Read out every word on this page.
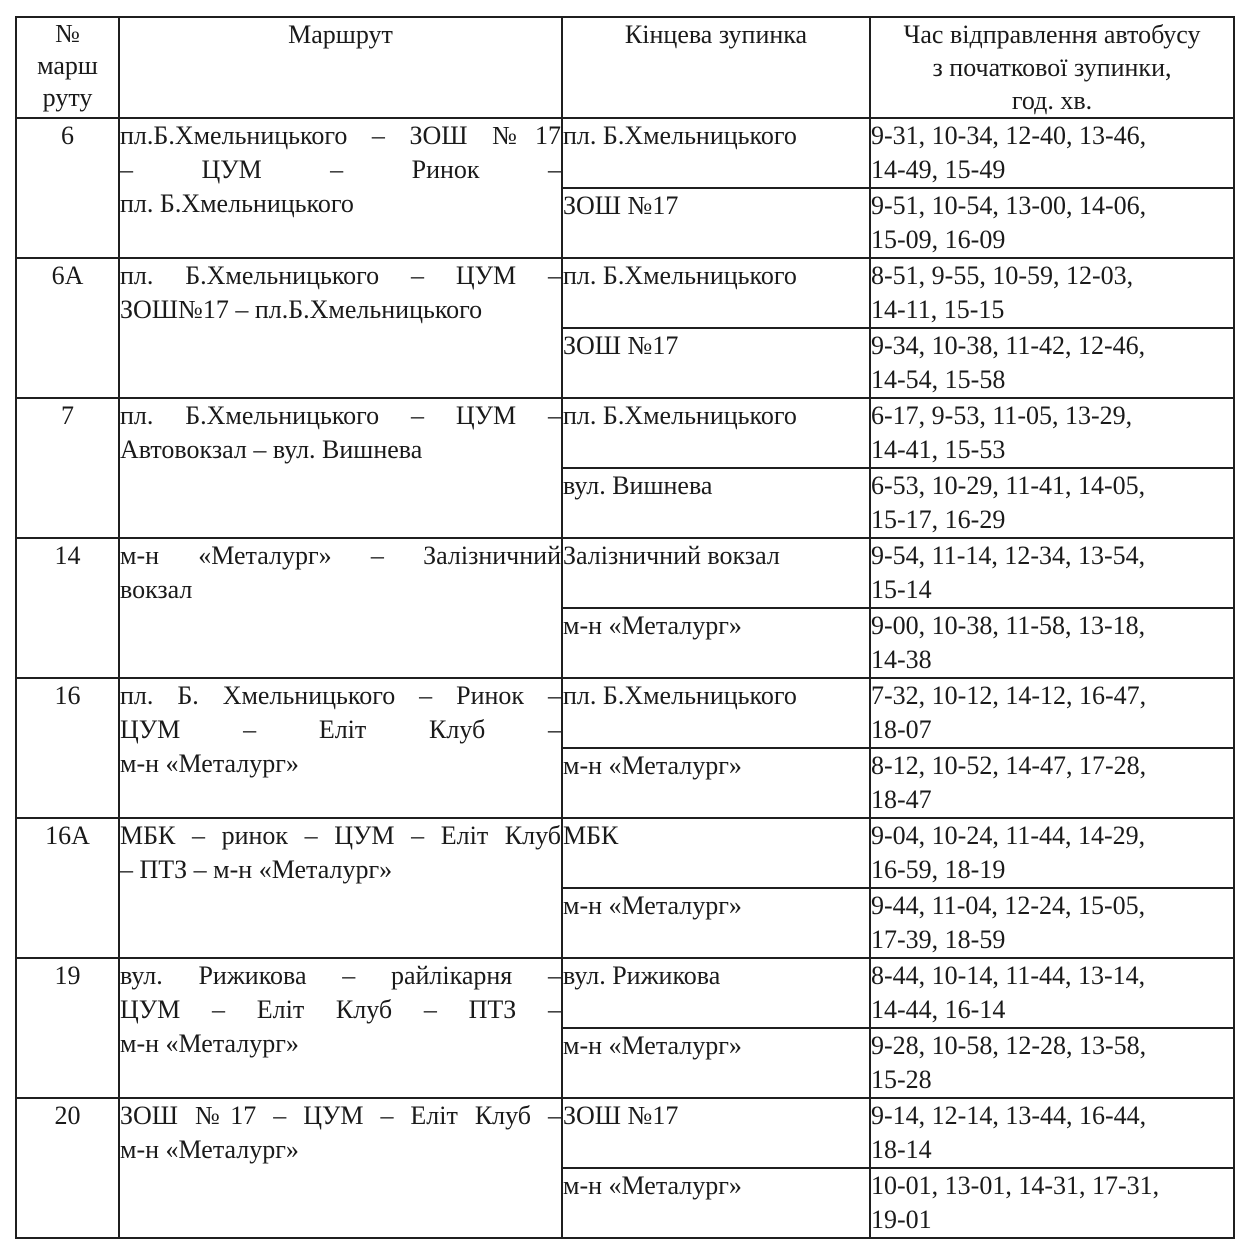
№
марш
руту	Маршрут	Кінцева зупинка	Час відправлення автобусу
з початкової зупинки,
год. хв.

6	пл.Б.Хмельницького – ЗОШ №17
– ЦУМ – Ринок –
пл. Б.Хмельницького	пл. Б.Хмельницького	9-31, 10-34, 12-40, 13-46,
14-49, 15-49

		ЗОШ №17	9-51, 10-54, 13-00, 14-06,
15-09, 16-09

6А	пл. Б.Хмельницького – ЦУМ –
ЗОШ№17 – пл.Б.Хмельницького	пл. Б.Хмельницького	8-51, 9-55, 10-59, 12-03,
14-11, 15-15

		ЗОШ №17	9-34, 10-38, 11-42, 12-46,
14-54, 15-58

7	пл. Б.Хмельницького – ЦУМ –
Автовокзал – вул. Вишнева	пл. Б.Хмельницького	6-17, 9-53, 11-05, 13-29,
14-41, 15-53

		вул. Вишнева	6-53, 10-29, 11-41, 14-05,
15-17, 16-29

14	м-н «Металург» – Залізничний
вокзал	Залізничний вокзал	9-54, 11-14, 12-34, 13-54,
15-14

		м-н «Металург»	9-00, 10-38, 11-58, 13-18,
14-38

16	пл. Б. Хмельницького – Ринок –
ЦУМ – Еліт Клуб –
м-н «Металург»	пл. Б.Хмельницького	7-32, 10-12, 14-12, 16-47,
18-07

		м-н «Металург»	8-12, 10-52, 14-47, 17-28,
18-47

16А	МБК – ринок – ЦУМ – Еліт Клуб
– ПТЗ – м-н «Металург»	МБК	9-04, 10-24, 11-44, 14-29,
16-59, 18-19

		м-н «Металург»	9-44, 11-04, 12-24, 15-05,
17-39, 18-59

19	вул. Рижикова – райлікарня –
ЦУМ – Еліт Клуб – ПТЗ –
м-н «Металург»	вул. Рижикова	8-44, 10-14, 11-44, 13-14,
14-44, 16-14

		м-н «Металург»	9-28, 10-58, 12-28, 13-58,
15-28

20	ЗОШ №17 – ЦУМ – Еліт Клуб –
м-н «Металург»	ЗОШ №17	9-14, 12-14, 13-44, 16-44,
18-14

		м-н «Металург»	10-01, 13-01, 14-31, 17-31,
19-01
